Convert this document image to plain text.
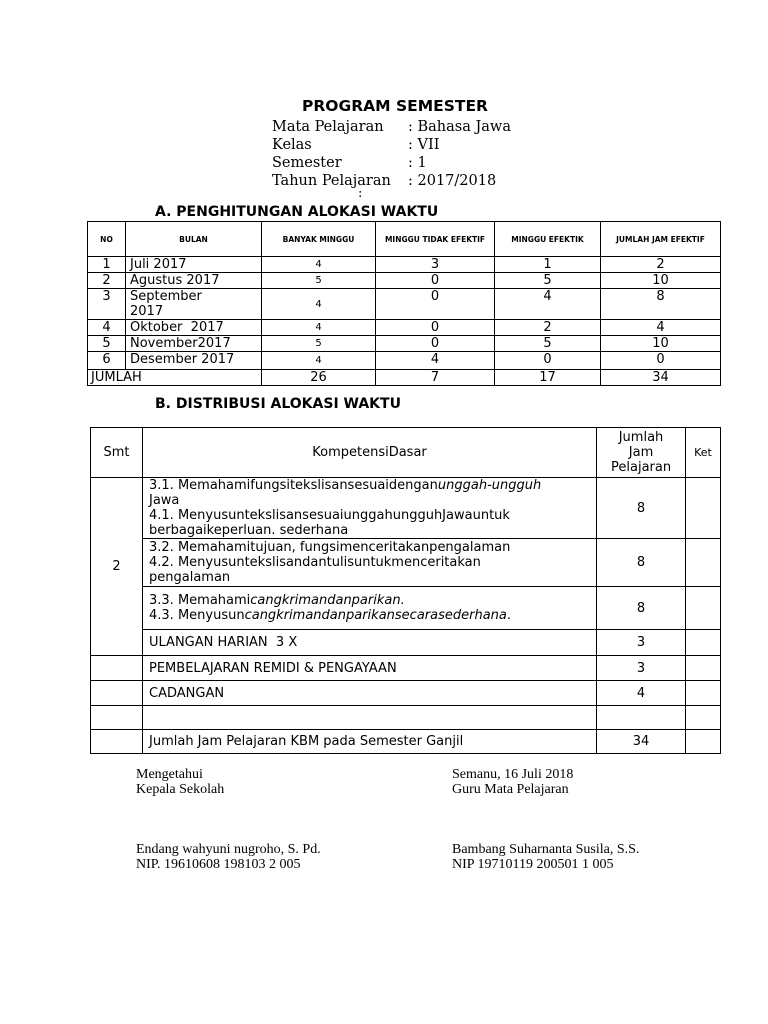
PROGRAM SEMESTER
Mata Pelajaran : Bahasa Jawa
Kelas	: VII
Semester	: 1
Tahun Pelajaran : 2017/2018
:
A. PENGHITUNGAN ALOKASI WAKTU
NO	BULAN	BANYAK MINGGU	MINGGU TIDAK EFEKTIF	MINGGU EFEKTIK	JUMLAH JAM EFEKTIF
1	Juli 2017	4	3	1	2
2	Agustus 2017	5	0	5	10
3	September 2017	4	0	4	8
4	Oktober  2017	4	0	2	4
5	November2017	5	0	5	10
6	Desember 2017	4	4	0	0
JUMLAH		26	7	17	34
B. DISTRIBUSI ALOKASI WAKTU
Smt	KompetensiDasar	Jumlah Jam Pelajaran	Ket
2	3.1. Memahamifungsitekslisansesuaidenganunggah-ungguh
Jawa
4.1. MenyusuntekslisansesuaiunggahungguhJawauntuk
berbagaikeperluan. sederhana	8	

	3.2. Memahamitujuan, fungsimenceritakanpengalaman
4.2. Menyusuntekslisandantulisuntukmenceritakan
pengalaman	8	

	3.3. Memahamicangkrimandanparikan.
4.3. Menyusuncangkrimandanparikansecarasederhana.	8	
	ULANGAN HARIAN  3 X	3	
	PEMBELAJARAN REMIDI & PENGAYAAN	3	
	CADANGAN	4	

	Jumlah Jam Pelajaran KBM pada Semester Ganjil	34	
Mengetahui
Kepala Sekolah
Endang wahyuni nugroho, S. Pd.
NIP. 19610608 198103 2 005
Semanu, 16 Juli 2018
Guru Mata Pelajaran
Bambang Suharnanta Susila, S.S.
NIP 19710119 200501 1 005
